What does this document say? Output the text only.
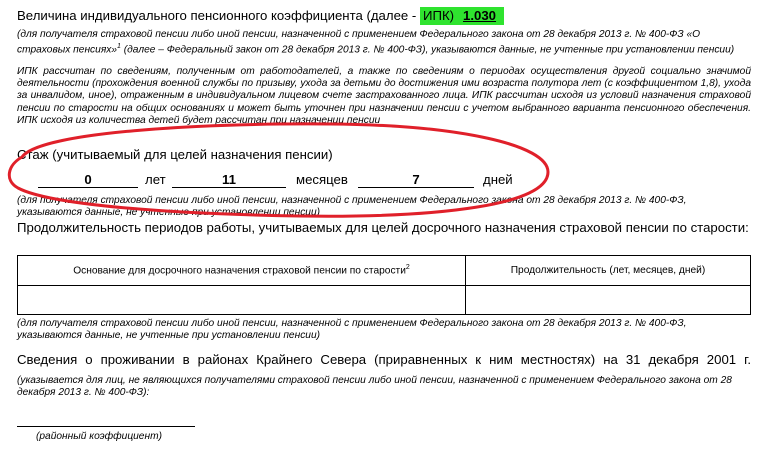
Величина индивидуального пенсионного коэффициента (далее - ИПК) 1.030
(для получателя страховой пенсии либо иной пенсии, назначенной с применением Федерального закона от 28 декабря 2013 г. № 400-ФЗ «О страховых пенсиях»$^1$ (далее – Федеральный закон от 28 декабря 2013 г. № 400-ФЗ), указываются данные, не учтенные при установлении пенсии)
ИПК рассчитан по сведениям, полученным от работодателей, а также по сведениям о периодах осуществления другой социально значимой деятельности (прохождения военной службы по призыву, ухода за детьми до достижения ими возраста полутора лет (с коэффициентом 1,8), ухода за инвалидом, иное), отраженным в индивидуальном лицевом счете застрахованного лица. ИПК рассчитан исходя из условий назначения страховой пенсии по старости на общих основаниях и может быть уточнен при назначении пенсии с учетом выбранного варианта пенсионного обеспечения. ИПК исходя из количества детей будет рассчитан при назначении пенсии
Стаж (учитываемый для целей назначения пенсии)
0	лет	11	месяцев	7	дней
(для получателя страховой пенсии либо иной пенсии, назначенной с применением Федерального закона от 28 декабря 2013 г. № 400-ФЗ, указываются данные, не учтенные при установлении пенсии)
Продолжительность периодов работы, учитываемых для целей досрочного назначения страховой пенсии по старости:
Основание для досрочного назначения страховой пенсии по старости$^2$	Продолжительность (лет, месяцев, дней)

(для получателя страховой пенсии либо иной пенсии, назначенной с применением Федерального закона от 28 декабря 2013 г. № 400-ФЗ, указываются данные, не учтенные при установлении пенсии)
Сведения о проживании в районах Крайнего Севера (приравненных к ним местностях) на 31 декабря 2001 г.
(указывается для лиц, не являющихся получателями страховой пенсии либо иной пенсии, назначенной с применением Федерального закона от 28 декабря 2013 г. № 400-ФЗ):
(районный коэффициент)
